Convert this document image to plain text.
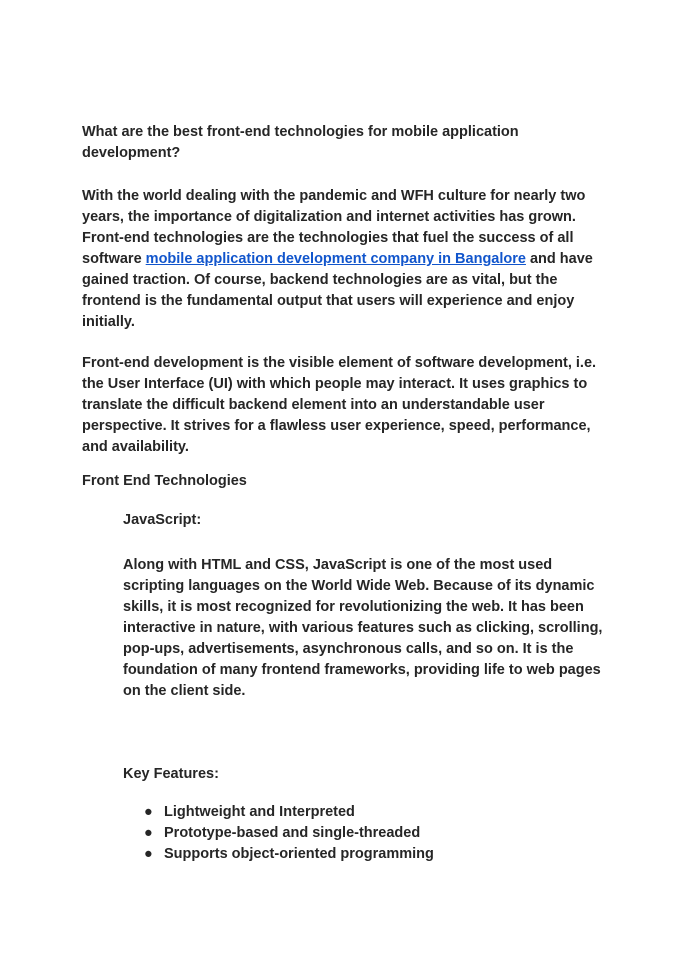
What are the best front-end technologies for mobile application development?

With the world dealing with the pandemic and WFH culture for nearly two years, the importance of digitalization and internet activities has grown. Front-end technologies are the technologies that fuel the success of all software mobile application development company in Bangalore and have gained traction. Of course, backend technologies are as vital, but the frontend is the fundamental output that users will experience and enjoy initially.

Front-end development is the visible element of software development, i.e. the User Interface (UI) with which people may interact. It uses graphics to translate the difficult backend element into an understandable user perspective. It strives for a flawless user experience, speed, performance, and availability.

Front End Technologies

JavaScript:

Along with HTML and CSS, JavaScript is one of the most used scripting languages on the World Wide Web. Because of its dynamic skills, it is most recognized for revolutionizing the web. It has been interactive in nature, with various features such as clicking, scrolling, pop-ups, advertisements, asynchronous calls, and so on. It is the foundation of many frontend frameworks, providing life to web pages on the client side.

Key Features:

● Lightweight and Interpreted
● Prototype-based and single-threaded
● Supports object-oriented programming
